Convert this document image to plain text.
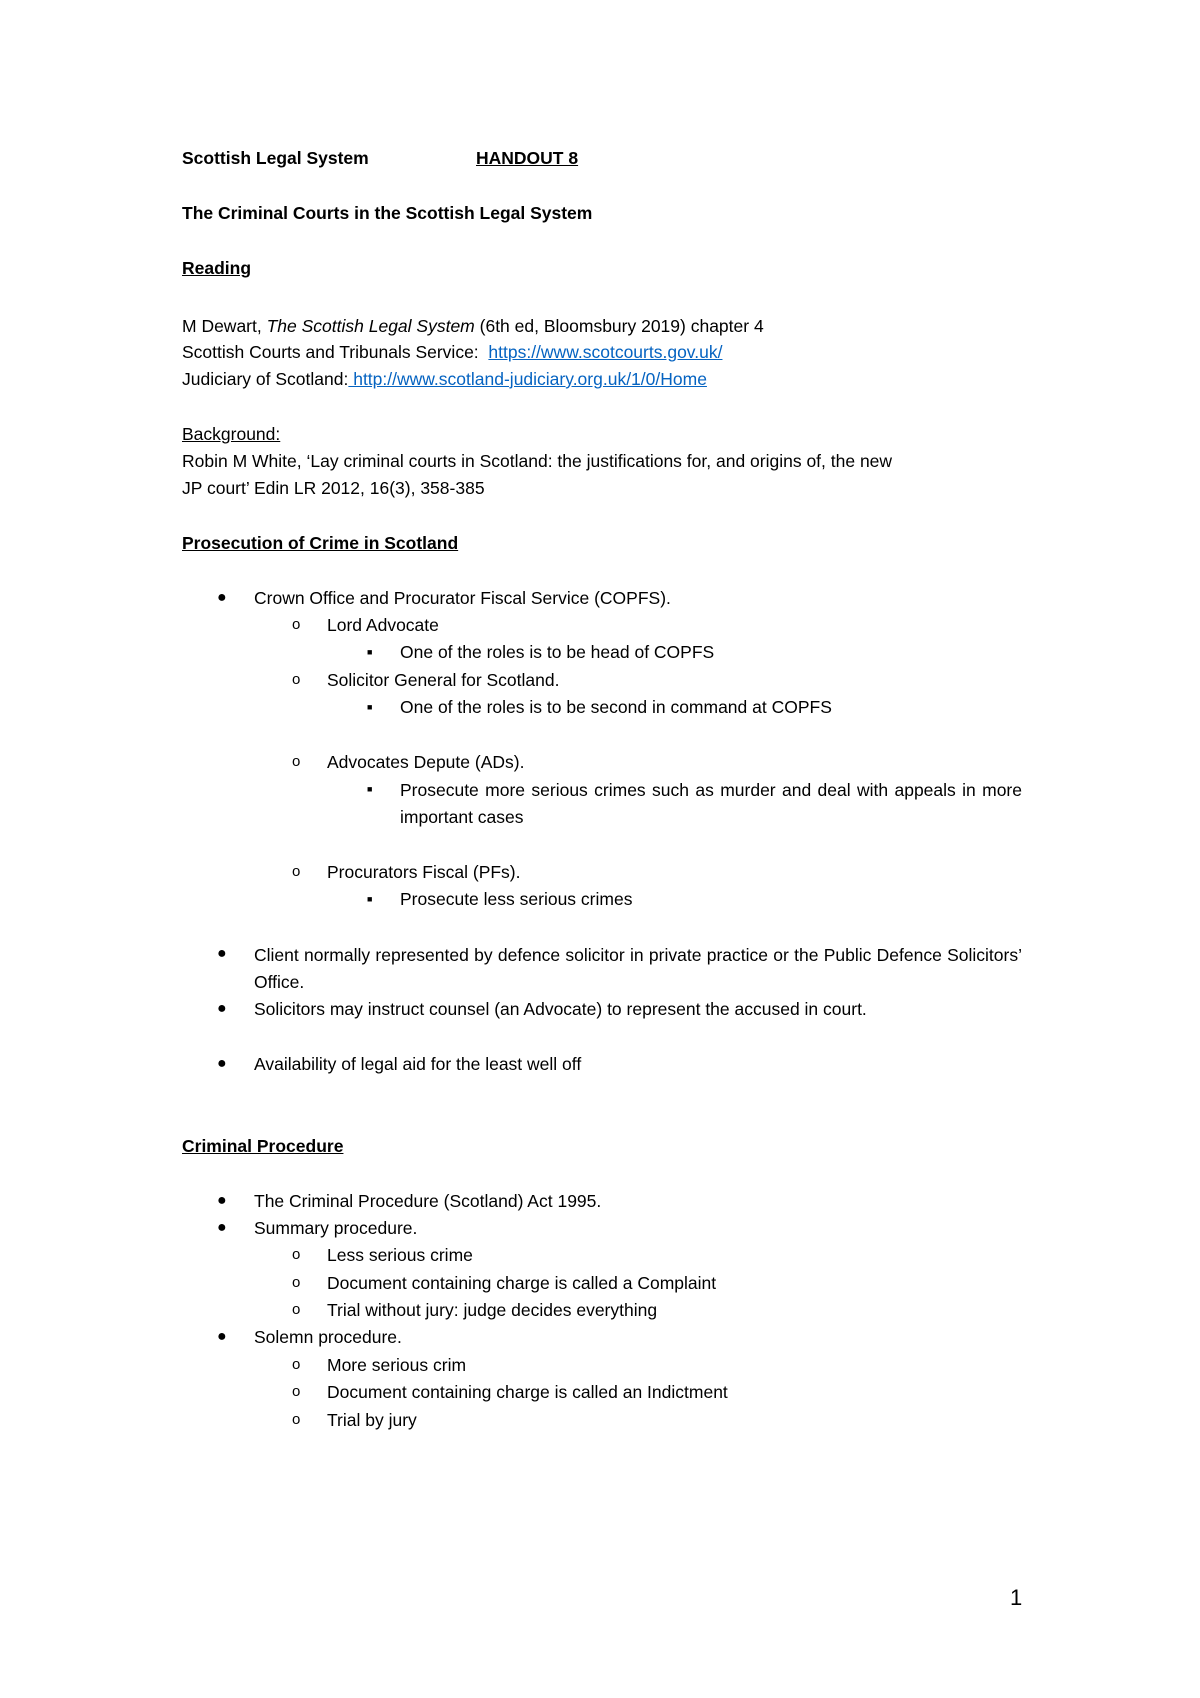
Scottish Legal System	HANDOUT 8
The Criminal Courts in the Scottish Legal System
Reading
M Dewart, The Scottish Legal System (6th ed, Bloomsbury 2019) chapter 4
Scottish Courts and Tribunals Service:  https://www.scotcourts.gov.uk/
Judiciary of Scotland: http://www.scotland-judiciary.org.uk/1/0/Home
Background:
Robin M White, ‘Lay criminal courts in Scotland: the justifications for, and origins of, the new
JP court’ Edin LR 2012, 16(3), 358-385
Prosecution of Crime in Scotland
● Crown Office and Procurator Fiscal Service (COPFS).
o Lord Advocate
■ One of the roles is to be head of COPFS
o Solicitor General for Scotland.
■ One of the roles is to be second in command at COPFS
o Advocates Depute (ADs).
■ Prosecute more serious crimes such as murder and deal with appeals in more important cases
o Procurators Fiscal (PFs).
■ Prosecute less serious crimes
● Client normally represented by defence solicitor in private practice or the Public Defence Solicitors’ Office.
● Solicitors may instruct counsel (an Advocate) to represent the accused in court.
● Availability of legal aid for the least well off
Criminal Procedure
● The Criminal Procedure (Scotland) Act 1995.
● Summary procedure.
o Less serious crime
o Document containing charge is called a Complaint
o Trial without jury: judge decides everything
● Solemn procedure.
o More serious crim
o Document containing charge is called an Indictment
o Trial by jury
1
